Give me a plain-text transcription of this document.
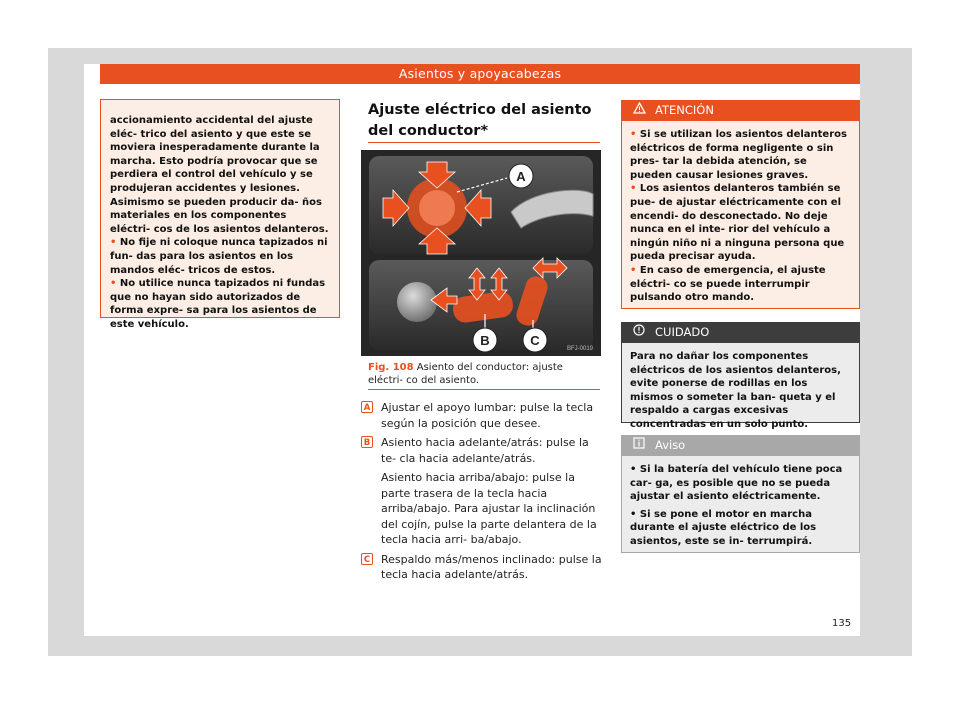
Asientos y apoyacabezas

accionamiento accidental del ajuste eléc- trico del asiento y que este se moviera inesperadamente durante la marcha. Esto podría provocar que se perdiera el control del vehículo y se produjeran accidentes y lesiones. Asimismo se pueden producir da- ños materiales en los componentes eléctri- cos de los asientos delanteros.

• No fije ni coloque nunca tapizados ni fun- das para los asientos en los mandos eléc- tricos de estos.

• No utilice nunca tapizados ni fundas que no hayan sido autorizados de forma expre- sa para los asientos de este vehículo.

Ajuste eléctrico del asiento del conductor*
A
B	C
BFJ-0019
Fig. 108 Asiento del conductor: ajuste eléctri- co del asiento.
A Ajustar el apoyo lumbar: pulse la tecla según la posición que desee.

B Asiento hacia adelante/atrás: pulse la te- cla hacia adelante/atrás.

Asiento hacia arriba/abajo: pulse la parte trasera de la tecla hacia arriba/abajo. Para ajustar la inclinación del cojín, pulse la parte delantera de la tecla hacia arri- ba/abajo.

C Respaldo más/menos inclinado: pulse la tecla hacia adelante/atrás.

• Si se utilizan los asientos delanteros eléctricos de forma negligente o sin pres- tar la debida atención, se pueden causar lesiones graves.

• Los asientos delanteros también se pue- de ajustar eléctricamente con el encendi- do desconectado. No deje nunca en el inte- rior del vehículo a ningún niño ni a ninguna persona que pueda precisar ayuda.

• En caso de emergencia, el ajuste eléctri- co se puede interrumpir pulsando otro mando.

ATENCIÓN
Para no dañar los componentes eléctricos de los asientos delanteros, evite ponerse de rodillas en los mismos o someter la ban- queta y el respaldo a cargas excesivas concentradas en un solo punto.
CUIDADO

• Si la batería del vehículo tiene poca car- ga, es posible que no se pueda ajustar el asiento eléctricamente.

• Si se pone el motor en marcha durante el ajuste eléctrico de los asientos, este se in- terrumpirá.

Aviso
135
